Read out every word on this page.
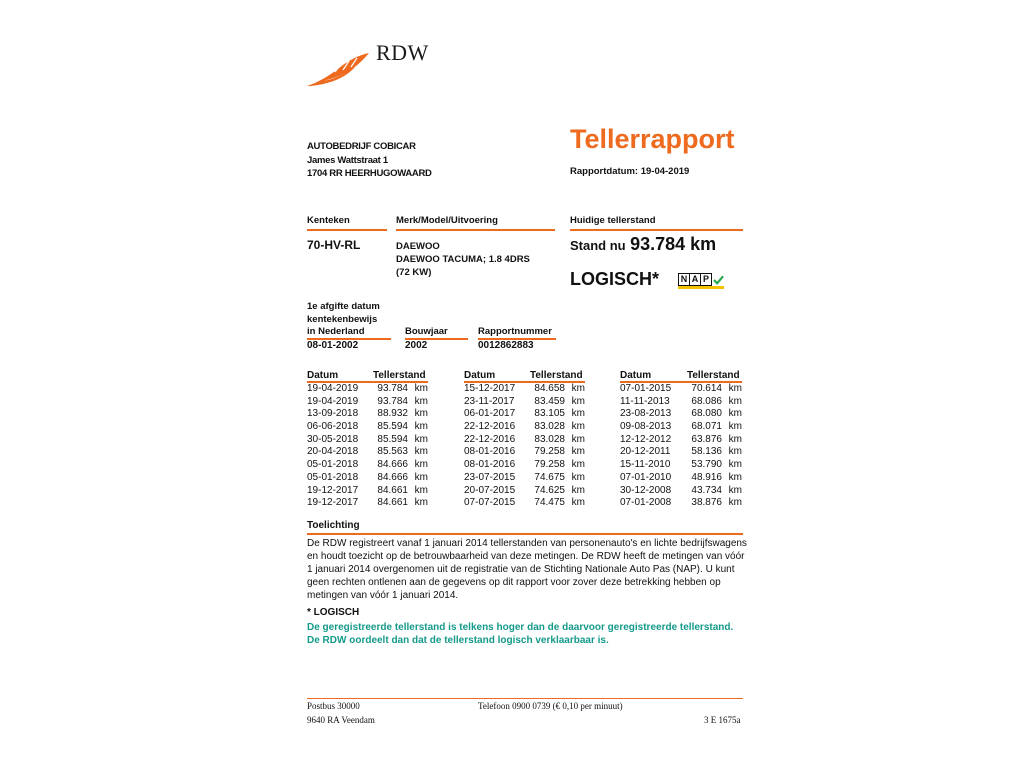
RDW
Tellerrapport
Rapportdatum: 19-04-2019
AUTOBEDRIJF COBICAR
James Wattstraat 1
1704 RR HEERHUGOWAARD
Kenteken	Merk/Model/Uitvoering	Huidige tellerstand
70-HV-RL	DAEWOO
DAEWOO TACUMA; 1.8 4DRS
(72 KW)
Stand nu 93.784 km
LOGISCH* N A P
1e afgifte datum
kentekenbewijs
in Nederland	Bouwjaar	Rapportnummer
08-01-2002	2002	0012862883
Datum	Tellerstand	Datum	Tellerstand	Datum	Tellerstand
19-04-2019 93.784 km
19-04-2019 93.784 km
13-09-2018 88.932 km
06-06-2018 85.594 km
30-05-2018 85.594 km
20-04-2018 85.563 km
05-01-2018 84.666 km
05-01-2018 84.666 km
19-12-2017 84.661 km
19-12-2017 84.661 km
15-12-2017 84.658 km
23-11-2017 83.459 km
06-01-2017 83.105 km
22-12-2016 83.028 km
22-12-2016 83.028 km
08-01-2016 79.258 km
08-01-2016 79.258 km
23-07-2015 74.675 km
20-07-2015 74.625 km
07-07-2015 74.475 km
07-01-2015 70.614 km
11-11-2013 68.086 km
23-08-2013 68.080 km
09-08-2013 68.071 km
12-12-2012 63.876 km
20-12-2011 58.136 km
15-11-2010 53.790 km
07-01-2010 48.916 km
30-12-2008 43.734 km
07-01-2008 38.876 km
Toelichting
De RDW registreert vanaf 1 januari 2014 tellerstanden van personenauto's en lichte bedrijfswagens en houdt toezicht op de betrouwbaarheid van deze metingen. De RDW heeft de metingen van vóór 1 januari 2014 overgenomen uit de registratie van de Stichting Nationale Auto Pas (NAP). U kunt geen rechten ontlenen aan de gegevens op dit rapport voor zover deze betrekking hebben op metingen van vóór 1 januari 2014.
* LOGISCH
De geregistreerde tellerstand is telkens hoger dan de daarvoor geregistreerde tellerstand. De RDW oordeelt dan dat de tellerstand logisch verklaarbaar is.
Postbus 30000
9640 RA Veendam
Telefoon 0900 0739 (€ 0,10 per minuut)
3 E 1675a
